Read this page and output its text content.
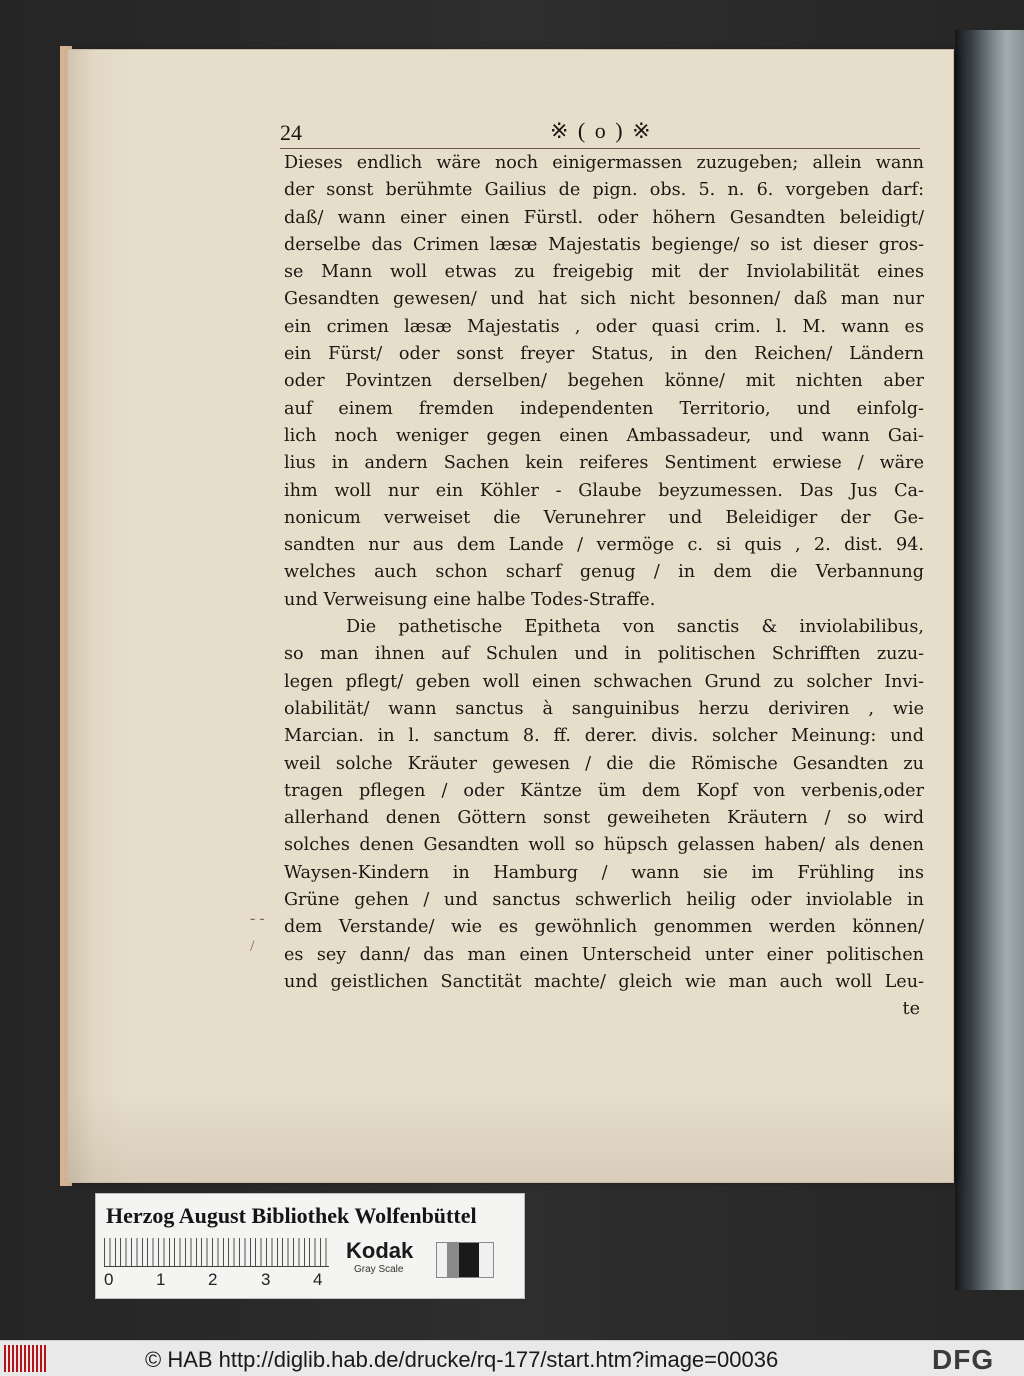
24	※ ( o ) ※
Dieses endlich wäre noch einigermassen zuzugeben; allein wann
der sonst berühmte Gailius de pign. obs. 5. n. 6. vorgeben darf:
daß/ wann einer einen Fürstl. oder höhern Gesandten beleidigt/
derselbe das Crimen læsæ Majestatis begienge/ so ist dieser gros-
se Mann woll etwas zu freigebig mit der Inviolabilität eines
Gesandten gewesen/ und hat sich nicht besonnen/ daß man nur
ein crimen læsæ Majestatis , oder quasi crim. l. M. wann es
ein Fürst/ oder sonst freyer Status, in den Reichen/ Ländern
oder Povintzen derselben/ begehen könne/ mit nichten aber
auf einem fremden independenten Territorio, und einfolg-
lich noch weniger gegen einen Ambassadeur, und wann Gai-
lius in andern Sachen kein reiferes Sentiment erwiese / wäre
ihm woll nur ein Köhler - Glaube beyzumessen. Das Jus Ca-
nonicum verweiset die Verunehrer und Beleidiger der Ge-
sandten nur aus dem Lande / vermöge c. si quis , 2. dist. 94.
welches auch schon scharf genug / in dem die Verbannung
und Verweisung eine halbe Todes-Straffe.
Die pathetische Epitheta von sanctis & inviolabilibus,
so man ihnen auf Schulen und in politischen Schrifften zuzu-
legen pflegt/ geben woll einen schwachen Grund zu solcher Invi-
olabilität/ wann sanctus à sanguinibus herzu deriviren , wie
Marcian. in l. sanctum 8. ff. derer. divis. solcher Meinung: und
weil solche Kräuter gewesen / die die Römische Gesandten zu
tragen pflegen / oder Käntze üm dem Kopf von verbenis,oder
allerhand denen Göttern sonst geweiheten Kräutern / so wird
solches denen Gesandten woll so hüpsch gelassen haben/ als denen
Waysen-Kindern in Hamburg / wann sie im Frühling ins
Grüne gehen / und sanctus schwerlich heilig oder inviolable in
dem Verstande/ wie es gewöhnlich genommen werden können/
es sey dann/ das man einen Unterscheid unter einer politischen
und geistlichen Sanctität machte/ gleich wie man auch woll Leu-
te
- -
/
Herzog August Bibliothek Wolfenbüttel
0	1	2	3	4
Kodak
Gray Scale
© HAB http://diglib.hab.de/drucke/rq-177/start.htm?image=00036	DFG
